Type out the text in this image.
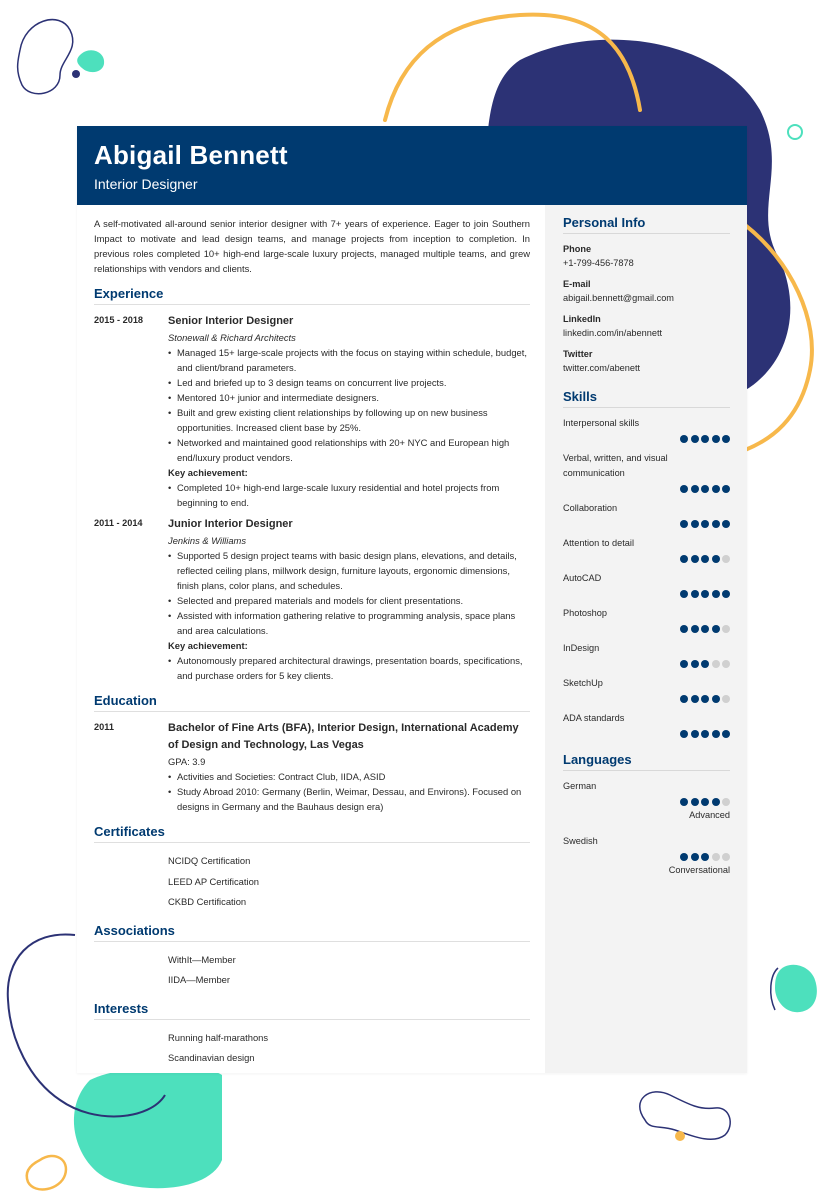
Abigail Bennett
Interior Designer

A self-motivated all-around senior interior designer with 7+ years of experience. Eager to join Southern Impact to motivate and lead design teams, and manage projects from inception to completion. In previous roles completed 10+ high-end large-scale luxury projects, managed multiple teams, and grew relationships with vendors and clients.

Experience
2015 - 2018	Senior Interior Designer
Stonewall & Richard Architects
• Managed 15+ large-scale projects with the focus on staying within schedule, budget, and client/brand parameters.
• Led and briefed up to 3 design teams on concurrent live projects.
• Mentored 10+ junior and intermediate designers.
• Built and grew existing client relationships by following up on new business opportunities. Increased client base by 25%.
• Networked and maintained good relationships with 20+ NYC and European high end/luxury product vendors.
Key achievement:
• Completed 10+ high-end large-scale luxury residential and hotel projects from beginning to end.
2011 - 2014	Junior Interior Designer
Jenkins & Williams
• Supported 5 design project teams with basic design plans, elevations, and details, reflected ceiling plans, millwork design, furniture layouts, ergonomic dimensions, finish plans, color plans, and schedules.
• Selected and prepared materials and models for client presentations.
• Assisted with information gathering relative to programming analysis, space plans and area calculations.
Key achievement:
• Autonomously prepared architectural drawings, presentation boards, specifications, and purchase orders for 5 key clients.
Education
2011	Bachelor of Fine Arts (BFA), Interior Design, International Academy of Design and Technology, Las Vegas
GPA: 3.9
• Activities and Societies: Contract Club, IIDA, ASID
• Study Abroad 2010: Germany (Berlin, Weimar, Dessau, and Environs). Focused on designs in Germany and the Bauhaus design era)
Certificates
NCIDQ Certification
LEED AP Certification
CKBD Certification
Associations
WithIt—Member
IIDA—Member
Interests
Running half-marathons
Scandinavian design
Personal Info
Phone
+1-799-456-7878
E-mail
abigail.bennett@gmail.com
LinkedIn
linkedin.com/in/abennett
Twitter
twitter.com/abenett
Skills
Interpersonal skills
Verbal, written, and visual communication
Collaboration
Attention to detail
AutoCAD
Photoshop
InDesign
SketchUp
ADA standards
Languages
German
Advanced
Swedish
Conversational
